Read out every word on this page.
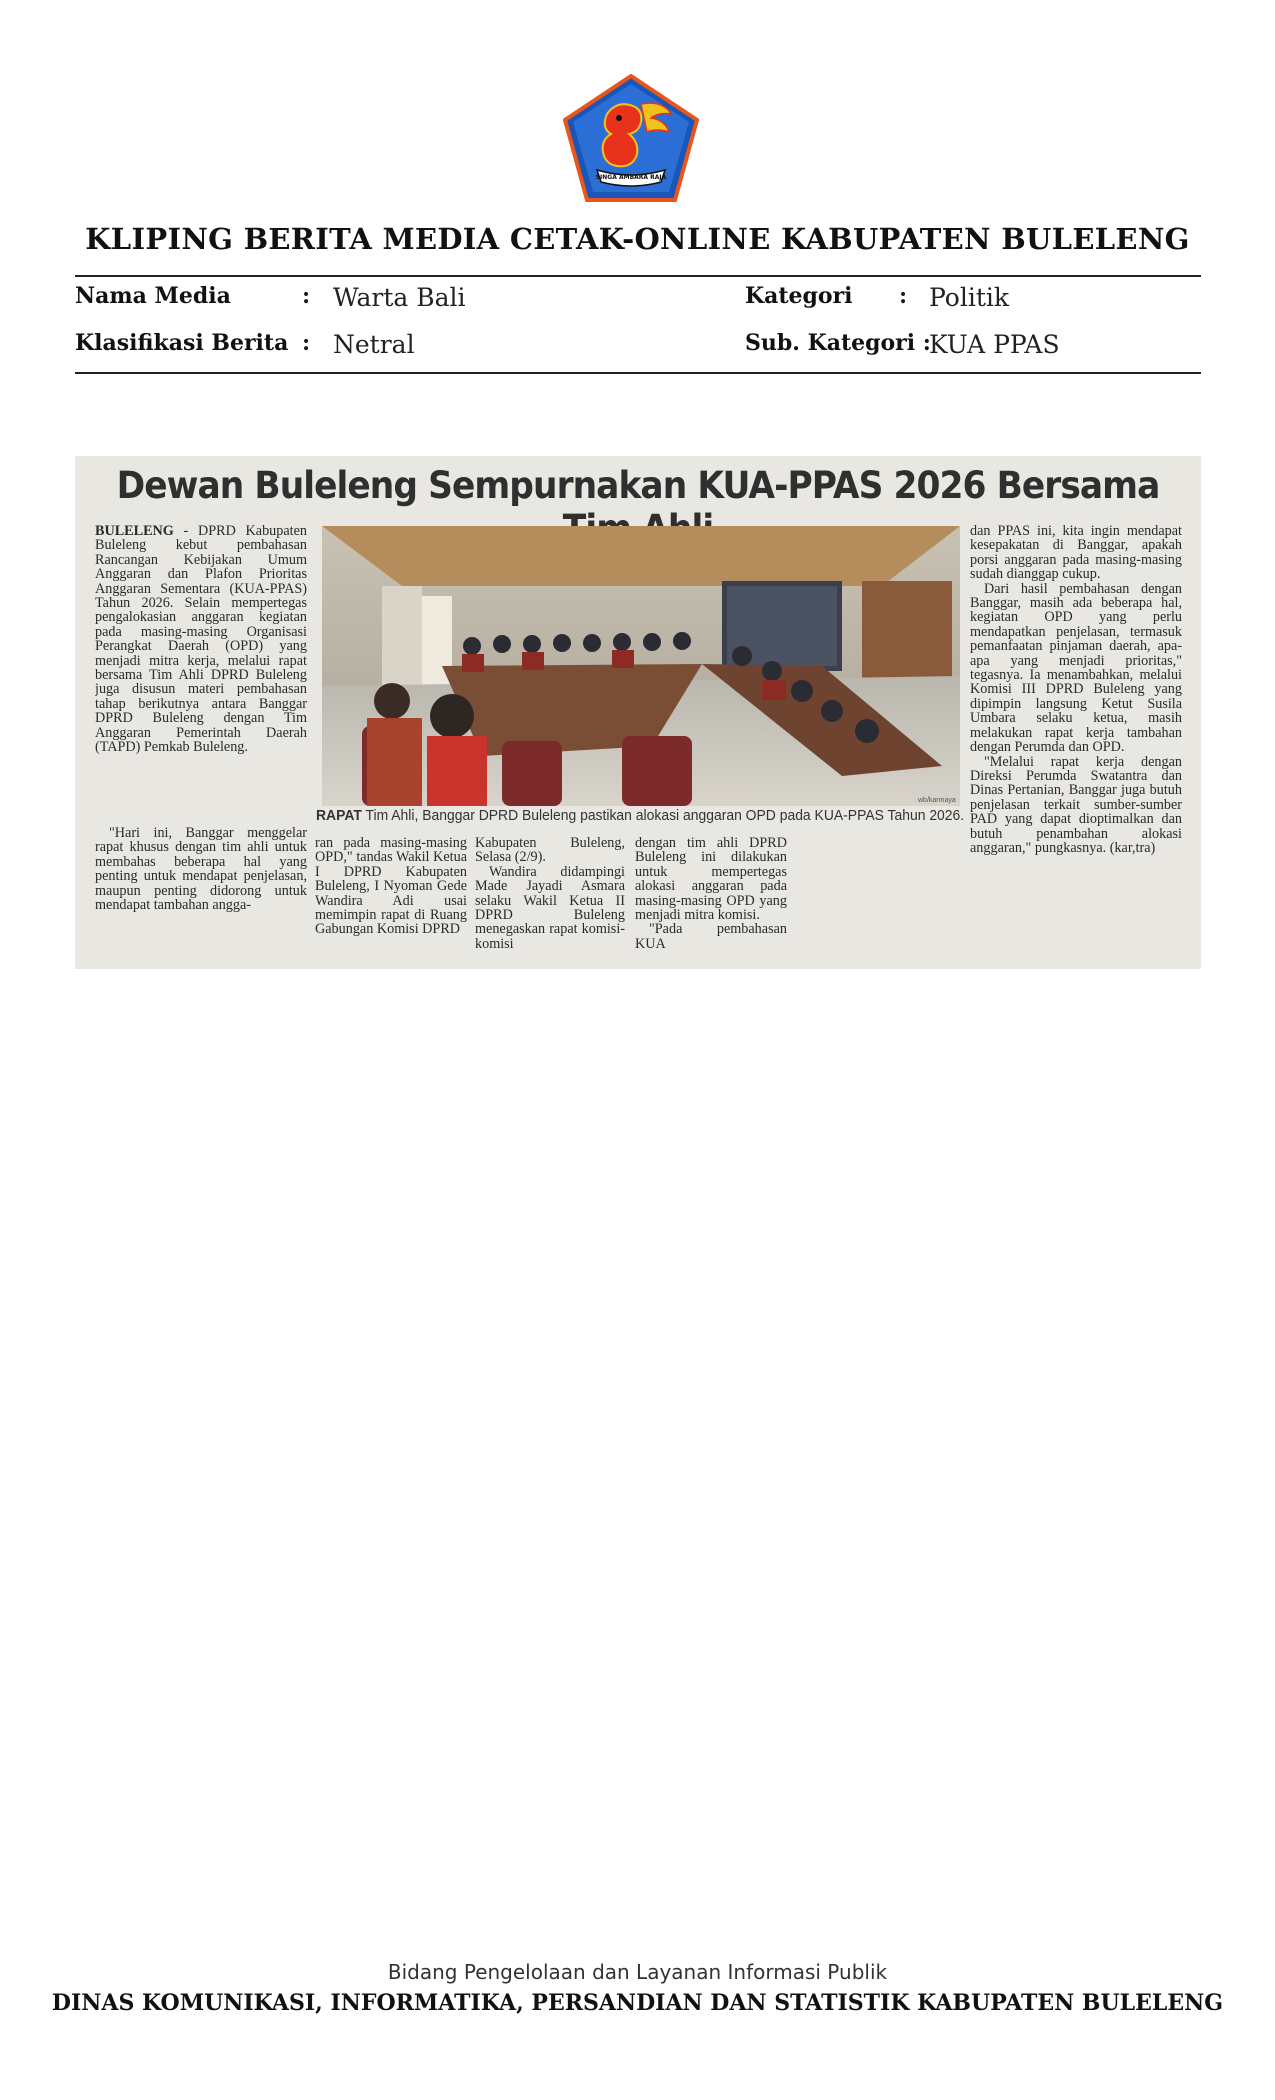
SINGA AMBARA RAJA
KLIPING BERITA MEDIA CETAK-ONLINE KABUPATEN BULELENG
Nama Media	: Warta Bali
Klasifikasi Berita : Netral
Kategori : Politik
Sub. Kategori :
KUA PPAS
Dewan Buleleng Sempurnakan KUA-PPAS 2026 Bersama

BULELENG - DPRD Kabupaten Buleleng kebut pembahasan Rancangan Kebijakan Umum Anggaran dan Plafon Prioritas Anggaran Sementara (KUA-PPAS) Tahun 2026. Selain mempertegas pengalokasian anggaran kegiatan pada masing-masing Organisasi Perangkat Daerah (OPD) yang menjadi mitra kerja, melalui rapat bersama Tim Ahli DPRD Buleleng juga disusun materi pembahasan tahap berikutnya antara Banggar DPRD Buleleng dengan Tim Anggaran Pemerintah Daerah (TAPD) Pemkab Buleleng.

"Hari ini, Banggar menggelar rapat khusus dengan tim ahli untuk membahas beberapa hal yang penting untuk mendapat penjelasan, maupun penting didorong untuk mendapat tambahan angga-

wb/karmaya
RAPAT Tim Ahli, Banggar DPRD Buleleng pastikan alokasi anggaran OPD pada KUA-PPAS Tahun 2026.

ran pada masing-masing OPD," tandas Wakil Ketua I DPRD Kabupaten Buleleng, I Nyoman Gede Wandira Adi usai memimpin rapat di Ruang Gabungan Komisi DPRD

Kabupaten Buleleng, Selasa (2/9).

Wandira didampingi Made Jayadi Asmara selaku Wakil Ketua II DPRD Buleleng menegaskan rapat komisi-komisi

dengan tim ahli DPRD Buleleng ini dilakukan untuk mempertegas alokasi anggaran pada masing-masing OPD yang menjadi mitra komisi.

"Pada pembahasan KUA

dan PPAS ini, kita ingin mendapat kesepakatan di Banggar, apakah porsi anggaran pada masing-masing sudah dianggap cukup.

Dari hasil pembahasan dengan Banggar, masih ada beberapa hal, kegiatan OPD yang perlu mendapatkan penjelasan, termasuk pemanfaatan pinjaman daerah, apa-apa yang menjadi prioritas," tegasnya. Ia menambahkan, melalui Komisi III DPRD Buleleng yang dipimpin langsung Ketut Susila Umbara selaku ketua, masih melakukan rapat kerja tambahan dengan Perumda dan OPD.

"Melalui rapat kerja dengan Direksi Perumda Swatantra dan Dinas Pertanian, Banggar juga butuh penjelasan terkait sumber-sumber PAD yang dapat dioptimalkan dan butuh penambahan alokasi anggaran," pungkasnya. (kar,tra)

Bidang Pengelolaan dan Layanan Informasi Publik
DINAS KOMUNIKASI, INFORMATIKA, PERSANDIAN DAN STATISTIK KABUPATEN BULELENG
